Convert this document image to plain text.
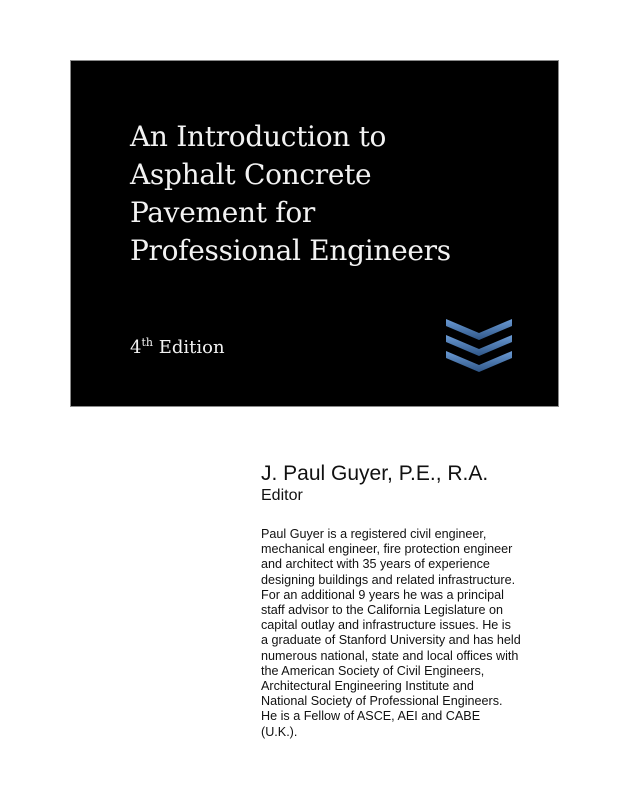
An Introduction to
Asphalt Concrete
Pavement for
Professional Engineers
4th Edition
J. Paul Guyer, P.E., R.A.

Editor

Paul Guyer is a registered civil engineer,
mechanical engineer, fire protection engineer
and architect with 35 years of experience
designing buildings and related infrastructure.
For an additional 9 years he was a principal
staff advisor to the California Legislature on
capital outlay and infrastructure issues. He is
a graduate of Stanford University and has held
numerous national, state and local offices with
the American Society of Civil Engineers,
Architectural Engineering Institute and
National Society of Professional Engineers.
He is a Fellow of ASCE, AEI and CABE
(U.K.).
